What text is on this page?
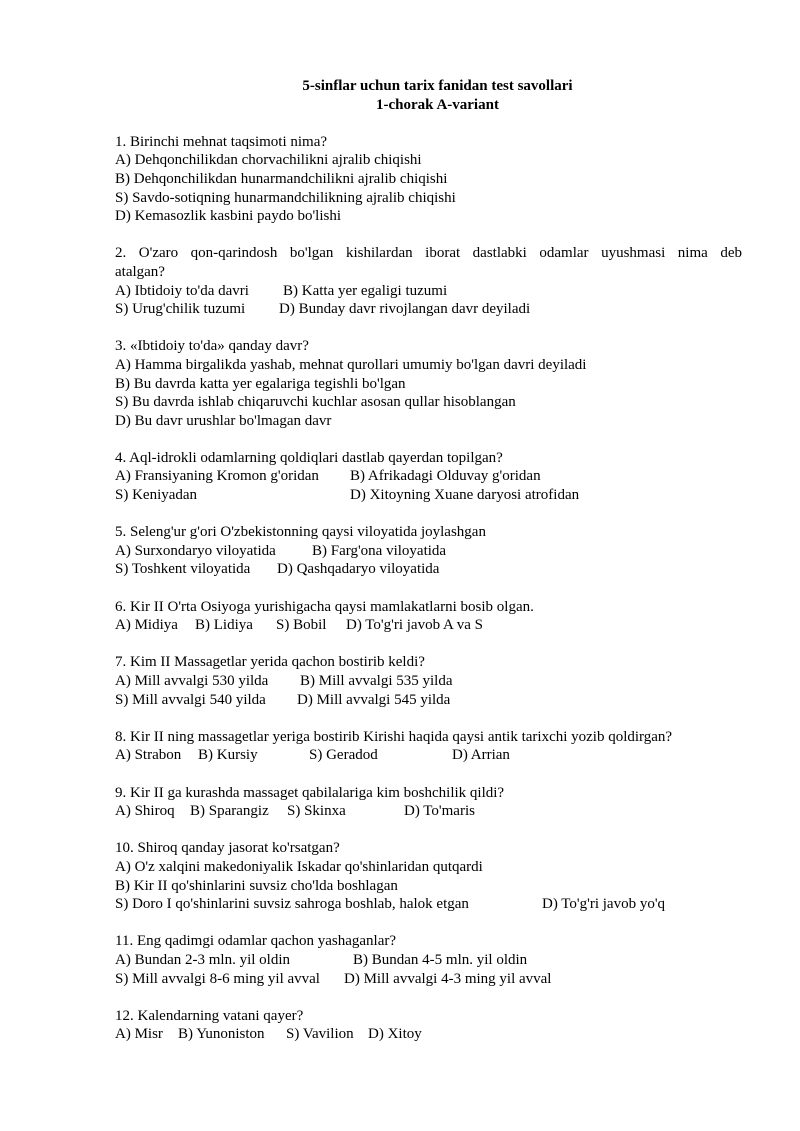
5-sinflar uchun tarix fanidan test savollari
1-chorak A-variant
1. Birinchi mehnat taqsimoti nima?
A) Dehqonchilikdan chorvachilikni ajralib chiqishi
B) Dehqonchilikdan hunarmandchilikni ajralib chiqishi
S) Savdo-sotiqning hunarmandchilikning ajralib chiqishi
D) Kemasozlik kasbini paydo bo'lishi
2. O'zaro qon-qarindosh bo'lgan kishilardan iborat dastlabki odamlar uyushmasi nima deb
atalgan?
A) Ibtidoiy to'da davri	B) Katta yer egaligi tuzumi
S) Urug'chilik tuzumi	D) Bunday davr rivojlangan davr deyiladi
3. «Ibtidoiy to'da» qanday davr?
A) Hamma birgalikda yashab, mehnat qurollari umumiy bo'lgan davri deyiladi
B) Bu davrda katta yer egalariga tegishli bo'lgan
S) Bu davrda ishlab chiqaruvchi kuchlar asosan qullar hisoblangan
D) Bu davr urushlar bo'lmagan davr
4. Aql-idrokli odamlarning qoldiqlari dastlab qayerdan topilgan?
A) Fransiyaning Kromon g'oridan	B) Afrikadagi Olduvay g'oridan
S) Keniyadan	D) Xitoyning Xuane daryosi atrofidan
5. Seleng'ur g'ori O'zbekistonning qaysi viloyatida joylashgan
A) Surxondaryo viloyatida	B) Farg'ona viloyatida
S) Toshkent viloyatida	D) Qashqadaryo viloyatida
6. Kir II O'rta Osiyoga yurishigacha qaysi mamlakatlarni bosib olgan.
A) Midiya	B) Lidiya	S) Bobil	D) To'g'ri javob A va S
7. Kim II Massagetlar yerida qachon bostirib keldi?
A) Mill avvalgi 530 yilda	B) Mill avvalgi 535 yilda
S) Mill avvalgi 540 yilda	D) Mill avvalgi 545 yilda
8. Kir II ning massagetlar yeriga bostirib Kirishi haqida qaysi antik tarixchi yozib qoldirgan?
A) Strabon	B) Kursiy	S) Geradod	D) Arrian
9. Kir II ga kurashda massaget qabilalariga kim boshchilik qildi?
A) Shiroq	B) Sparangiz	S) Skinxa	D) To'maris
10. Shiroq qanday jasorat ko'rsatgan?
A) O'z xalqini makedoniyalik Iskadar qo'shinlaridan qutqardi
B) Kir II qo'shinlarini suvsiz cho'lda boshlagan
S) Doro I qo'shinlarini suvsiz sahroga boshlab, halok etgan	D) To'g'ri javob yo'q
11. Eng qadimgi odamlar qachon yashaganlar?
A) Bundan 2-3 mln. yil oldin	B) Bundan 4-5 mln. yil oldin
S) Mill avvalgi 8-6 ming yil avval	D) Mill avvalgi 4-3 ming yil avval
12. Kalendarning vatani qayer?
A) Misr	B) Yunoniston	S) Vavilion D) Xitoy
